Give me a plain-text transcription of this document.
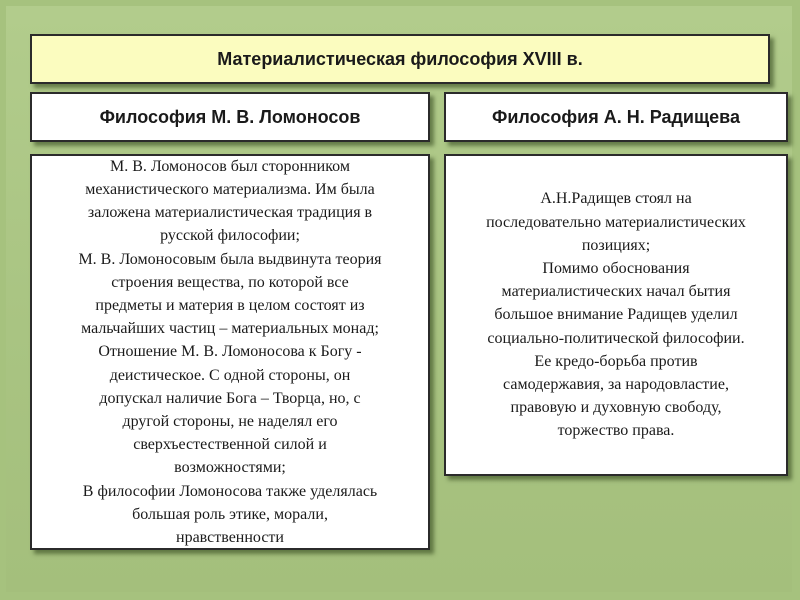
Материалистическая философия XVIII в.
Философия М. В. Ломоносов	Философия А. Н. Радищева
М. В. Ломоносов был сторонником
механистического материализма. Им была
заложена материалистическая традиция в
русской философии;
М. В. Ломоносовым была выдвинута теория
строения вещества, по которой все
предметы и материя в целом состоят из
мальчайших частиц – материальных монад;
Отношение М. В. Ломоносова к Богу -
деистическое. С одной стороны, он
допускал наличие Бога – Творца, но, с
другой стороны, не наделял его
сверхъестественной силой и
возможностями;
В философии Ломоносова также уделялась
большая роль этике, морали,
нравственности
А.Н.Радищев стоял на
последовательно материалистических
позициях;
Помимо обоснования
материалистических начал бытия
большое внимание Радищев уделил
социально-политической философии.
Ее кредо-борьба против
самодержавия, за народовластие,
правовую и духовную свободу,
торжество права.
